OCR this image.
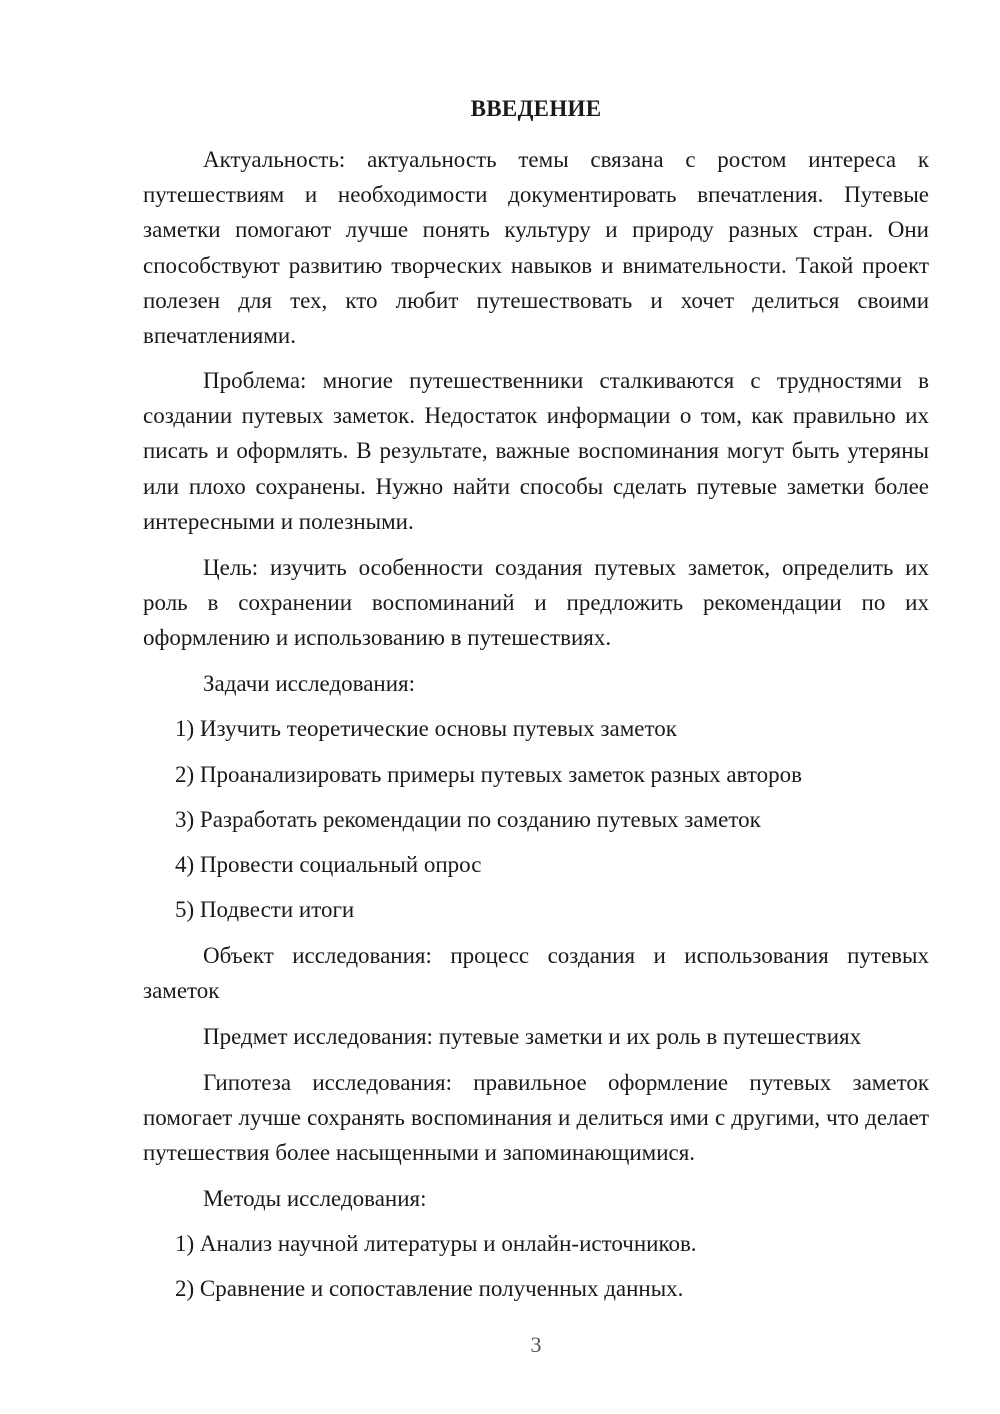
ВВЕДЕНИЕ

Актуальность: актуальность темы связана с ростом интереса к путешествиям и необходимости документировать впечатления. Путевые заметки помогают лучше понять культуру и природу разных стран. Они способствуют развитию творческих навыков и внимательности. Такой проект полезен для тех, кто любит путешествовать и хочет делиться своими впечатлениями.

Проблема: многие путешественники сталкиваются с трудностями в создании путевых заметок. Недостаток информации о том, как правильно их писать и оформлять. В результате, важные воспоминания могут быть утеряны или плохо сохранены. Нужно найти способы сделать путевые заметки более интересными и полезными.

Цель: изучить особенности создания путевых заметок, определить их роль в сохранении воспоминаний и предложить рекомендации по их оформлению и использованию в путешествиях.

Задачи исследования:

1) Изучить теоретические основы путевых заметок

2) Проанализировать примеры путевых заметок разных авторов

3) Разработать рекомендации по созданию путевых заметок

4) Провести социальный опрос

5) Подвести итоги

Объект исследования: процесс создания и использования путевых заметок

Предмет исследования: путевые заметки и их роль в путешествиях

Гипотеза исследования: правильное оформление путевых заметок помогает лучше сохранять воспоминания и делиться ими с другими, что делает путешествия более насыщенными и запоминающимися.

Методы исследования:

1) Анализ научной литературы и онлайн-источников.

2) Сравнение и сопоставление полученных данных.

3
